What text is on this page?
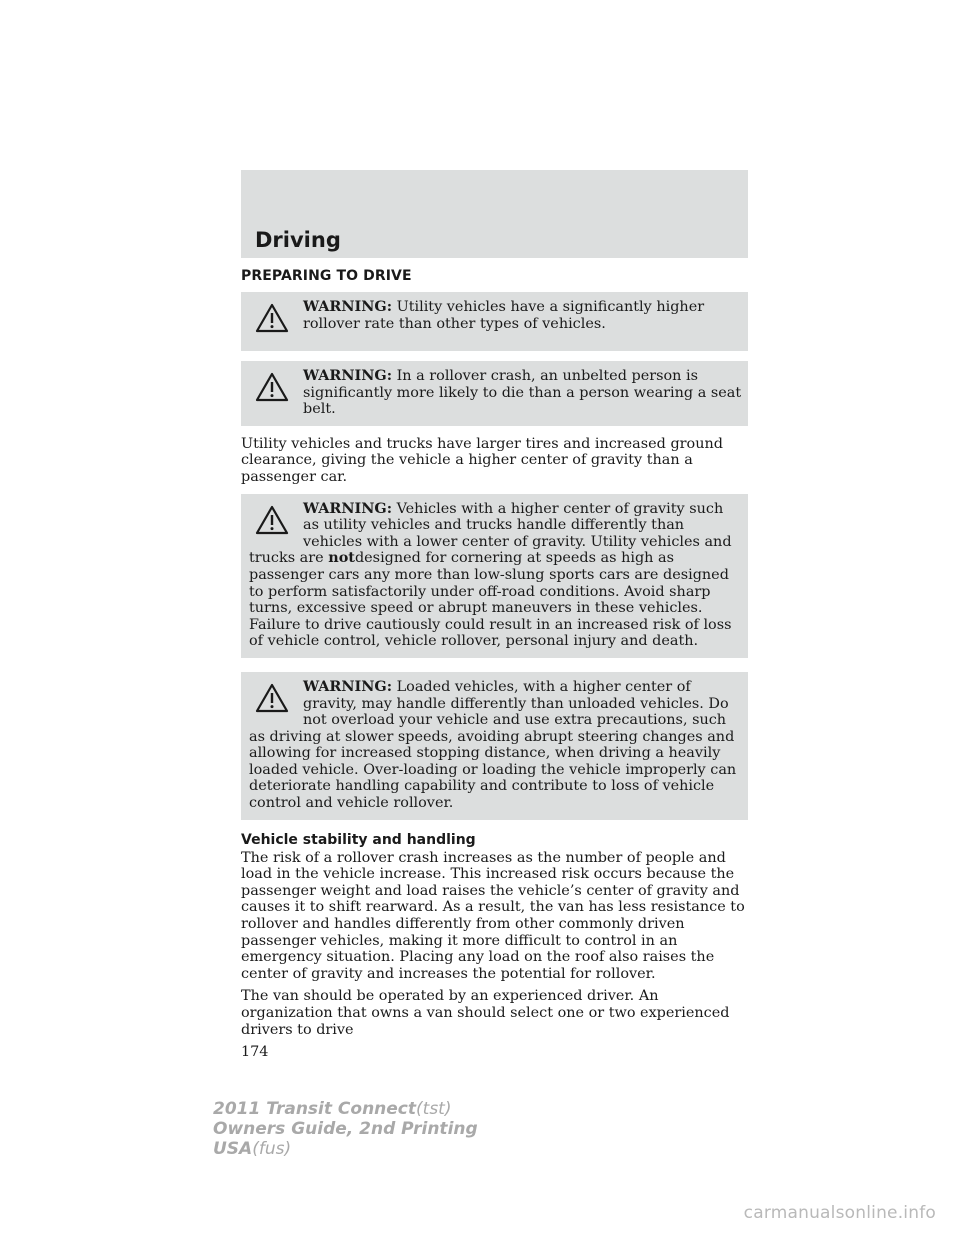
Driving
PREPARING TO DRIVE
WARNING: Utility vehicles have a significantly higher rollover rate than other types of vehicles.
WARNING: In a rollover crash, an unbelted person is significantly more likely to die than a person wearing a seat belt.

Utility vehicles and trucks have larger tires and increased ground clearance, giving the vehicle a higher center of gravity than a passenger car.

WARNING: Vehicles with a higher center of gravity such as utility vehicles and trucks handle differently than vehicles with a lower center of gravity. Utility vehicles and trucks are notdesigned for cornering at speeds as high as passenger cars any more than low-slung sports cars are designed to perform satisfactorily under off-road conditions. Avoid sharp turns, excessive speed or abrupt maneuvers in these vehicles. Failure to drive cautiously could result in an increased risk of loss of vehicle control, vehicle rollover, personal injury and death.
WARNING: Loaded vehicles, with a higher center of gravity, may handle differently than unloaded vehicles. Do not overload your vehicle and use extra precautions, such as driving at slower speeds, avoiding abrupt steering changes and allowing for increased stopping distance, when driving a heavily loaded vehicle. Over-loading or loading the vehicle improperly can deteriorate handling capability and contribute to loss of vehicle control and vehicle rollover.
Vehicle stability and handling

The risk of a rollover crash increases as the number of people and load in the vehicle increase. This increased risk occurs because the passenger weight and load raises the vehicle’s center of gravity and causes it to shift rearward. As a result, the van has less resistance to rollover and handles differently from other commonly driven passenger vehicles, making it more difficult to control in an emergency situation. Placing any load on the roof also raises the center of gravity and increases the potential for rollover.

The van should be operated by an experienced driver. An organization that owns a van should select one or two experienced drivers to drive

174
2011 Transit Connect(tst)
Owners Guide, 2nd Printing
USA(fus)
carmanualsonline.info
